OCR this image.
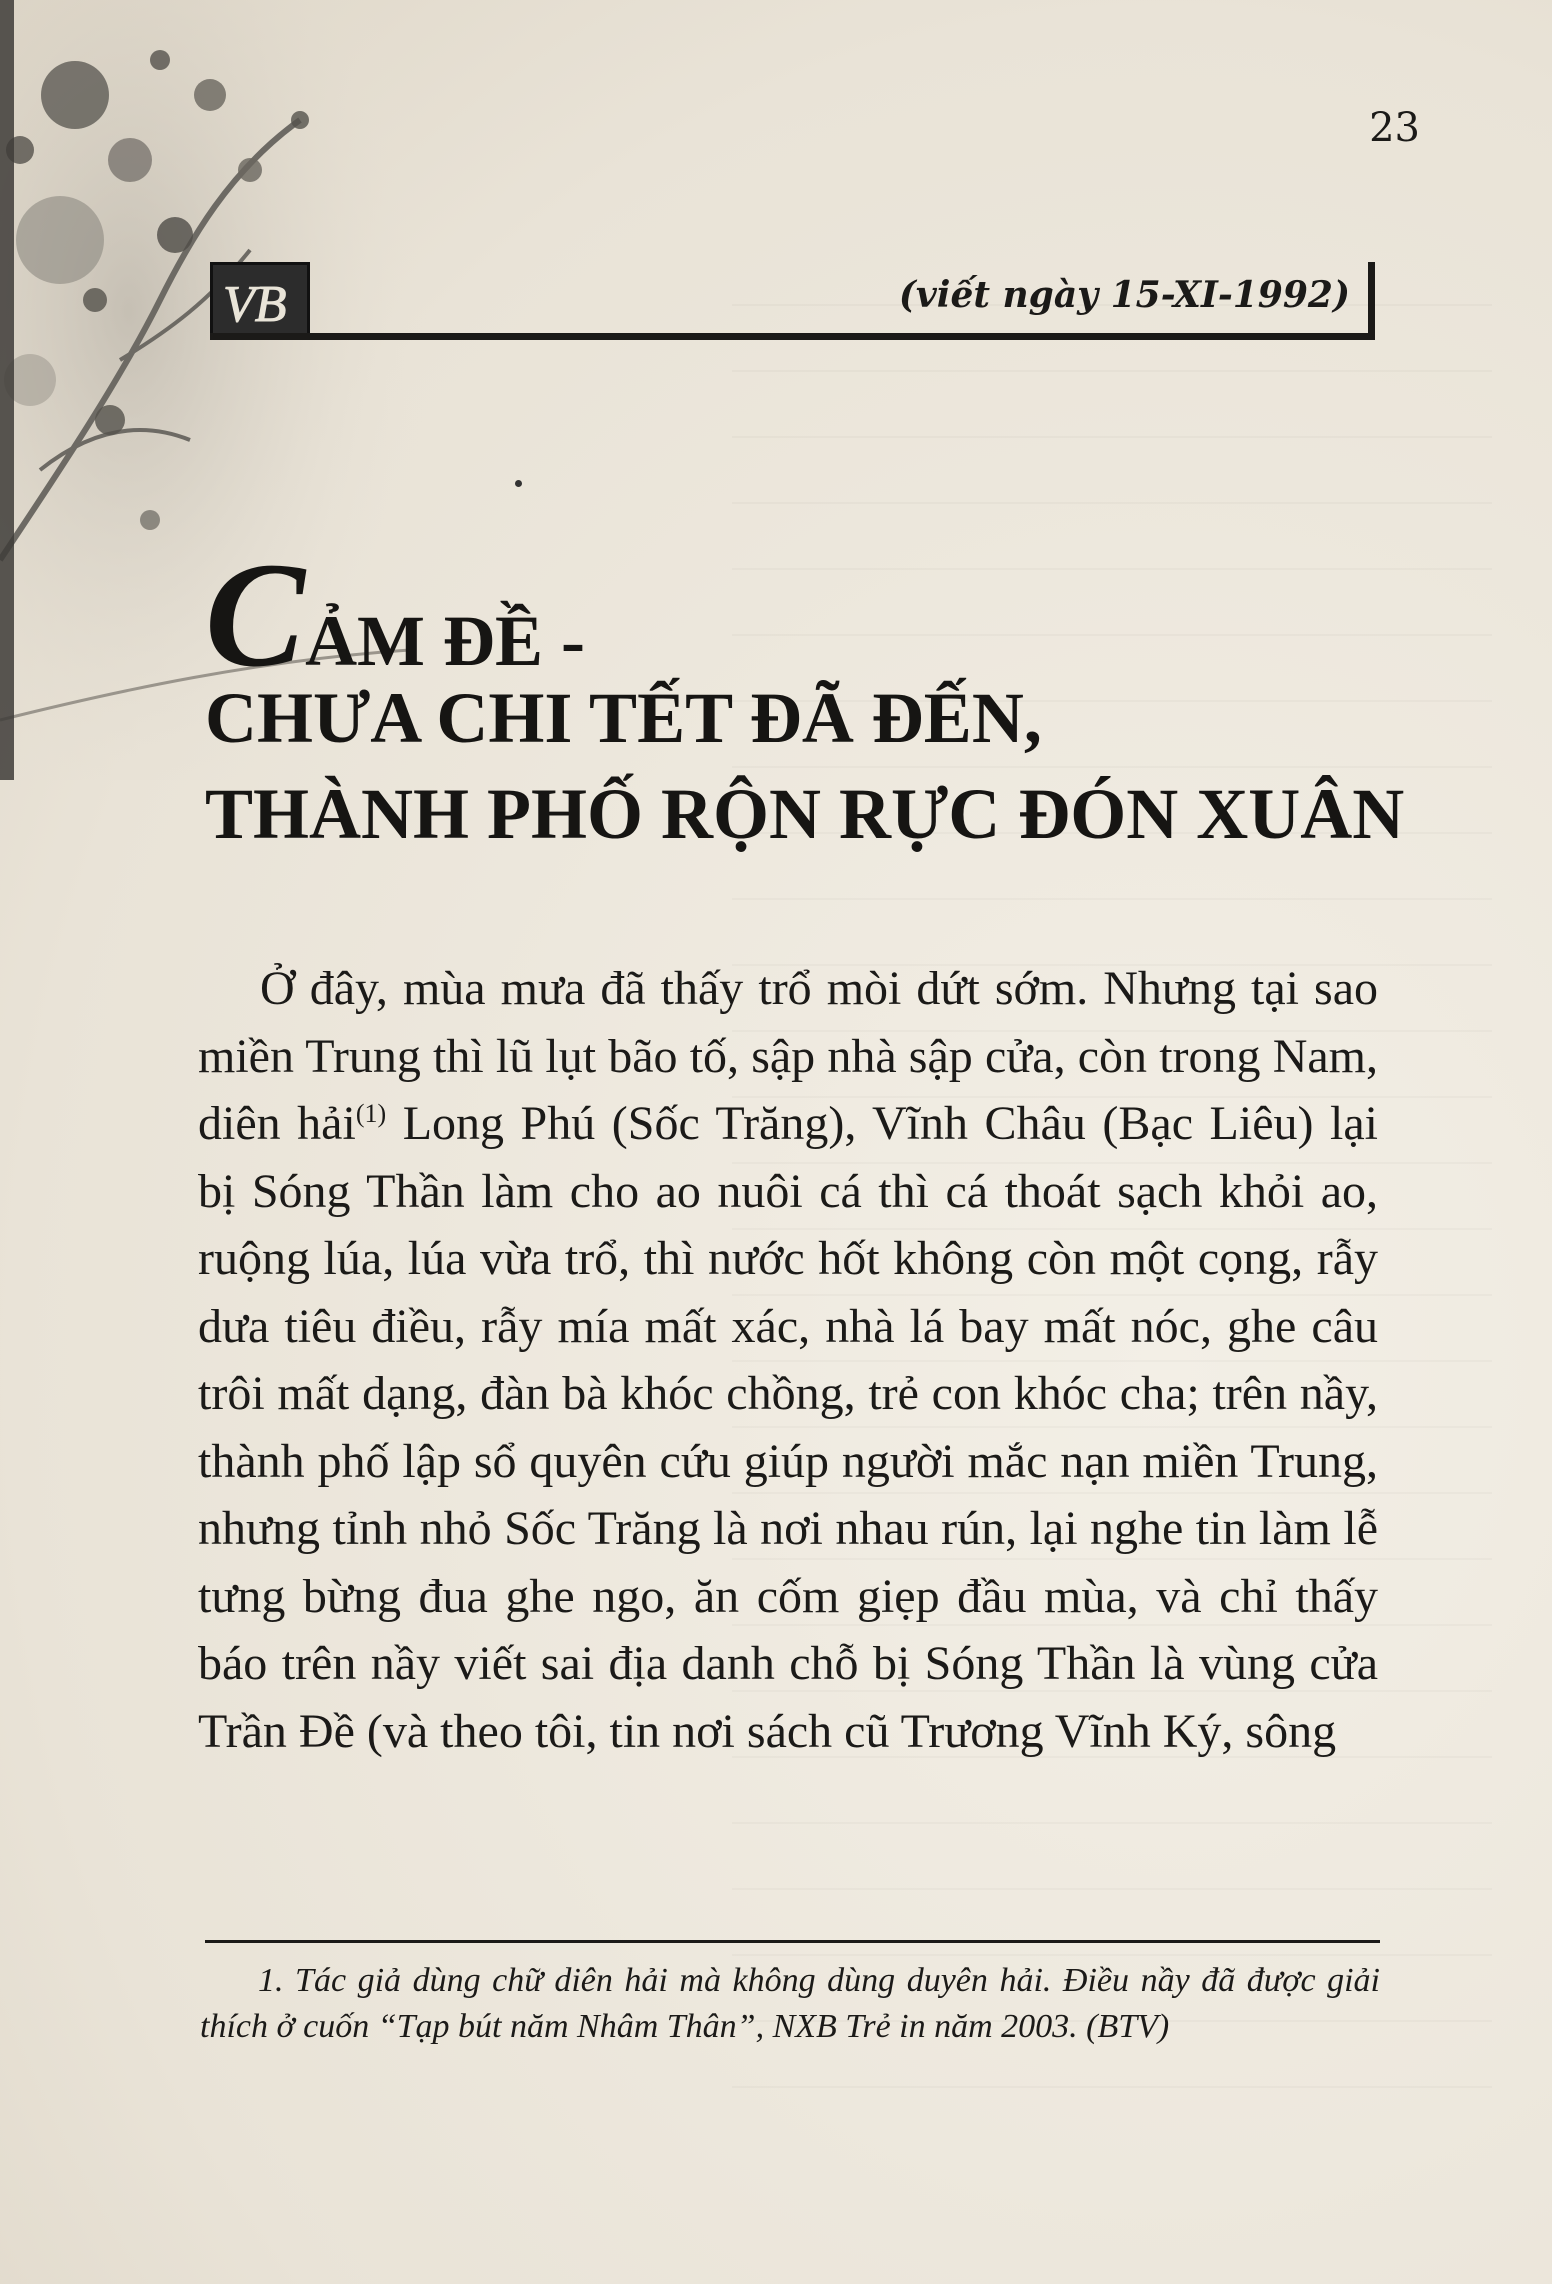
23
VB	(viết ngày 15-XI-1992)
CẢM ĐỀ -
CHƯA CHI TẾT ĐÃ ĐẾN,
THÀNH PHỐ RỘN RỰC ĐÓN XUÂN

Ở đây, mùa mưa đã thấy trổ mòi dứt sớm. Nhưng tại sao miền Trung thì lũ lụt bão tố, sập nhà sập cửa, còn trong Nam, diên hải$^{(1)}$ Long Phú (Sốc Trăng), Vĩnh Châu (Bạc Liêu) lại bị Sóng Thần làm cho ao nuôi cá thì cá thoát sạch khỏi ao, ruộng lúa, lúa vừa trổ, thì nước hốt không còn một cọng, rẫy dưa tiêu điều, rẫy mía mất xác, nhà lá bay mất nóc, ghe câu trôi mất dạng, đàn bà khóc chồng, trẻ con khóc cha; trên nầy, thành phố lập sổ quyên cứu giúp người mắc nạn miền Trung, nhưng tỉnh nhỏ Sốc Trăng là nơi nhau rún, lại nghe tin làm lễ tưng bừng đua ghe ngo, ăn cốm giẹp đầu mùa, và chỉ thấy báo trên nầy viết sai địa danh chỗ bị Sóng Thần là vùng cửa Trần Đề (và theo tôi, tin nơi sách cũ Trương Vĩnh Ký, sông

1. Tác giả dùng chữ diên hải mà không dùng duyên hải. Điều nầy đã được giải thích ở cuốn “Tạp bút năm Nhâm Thân”, NXB Trẻ in năm 2003. (BTV)
